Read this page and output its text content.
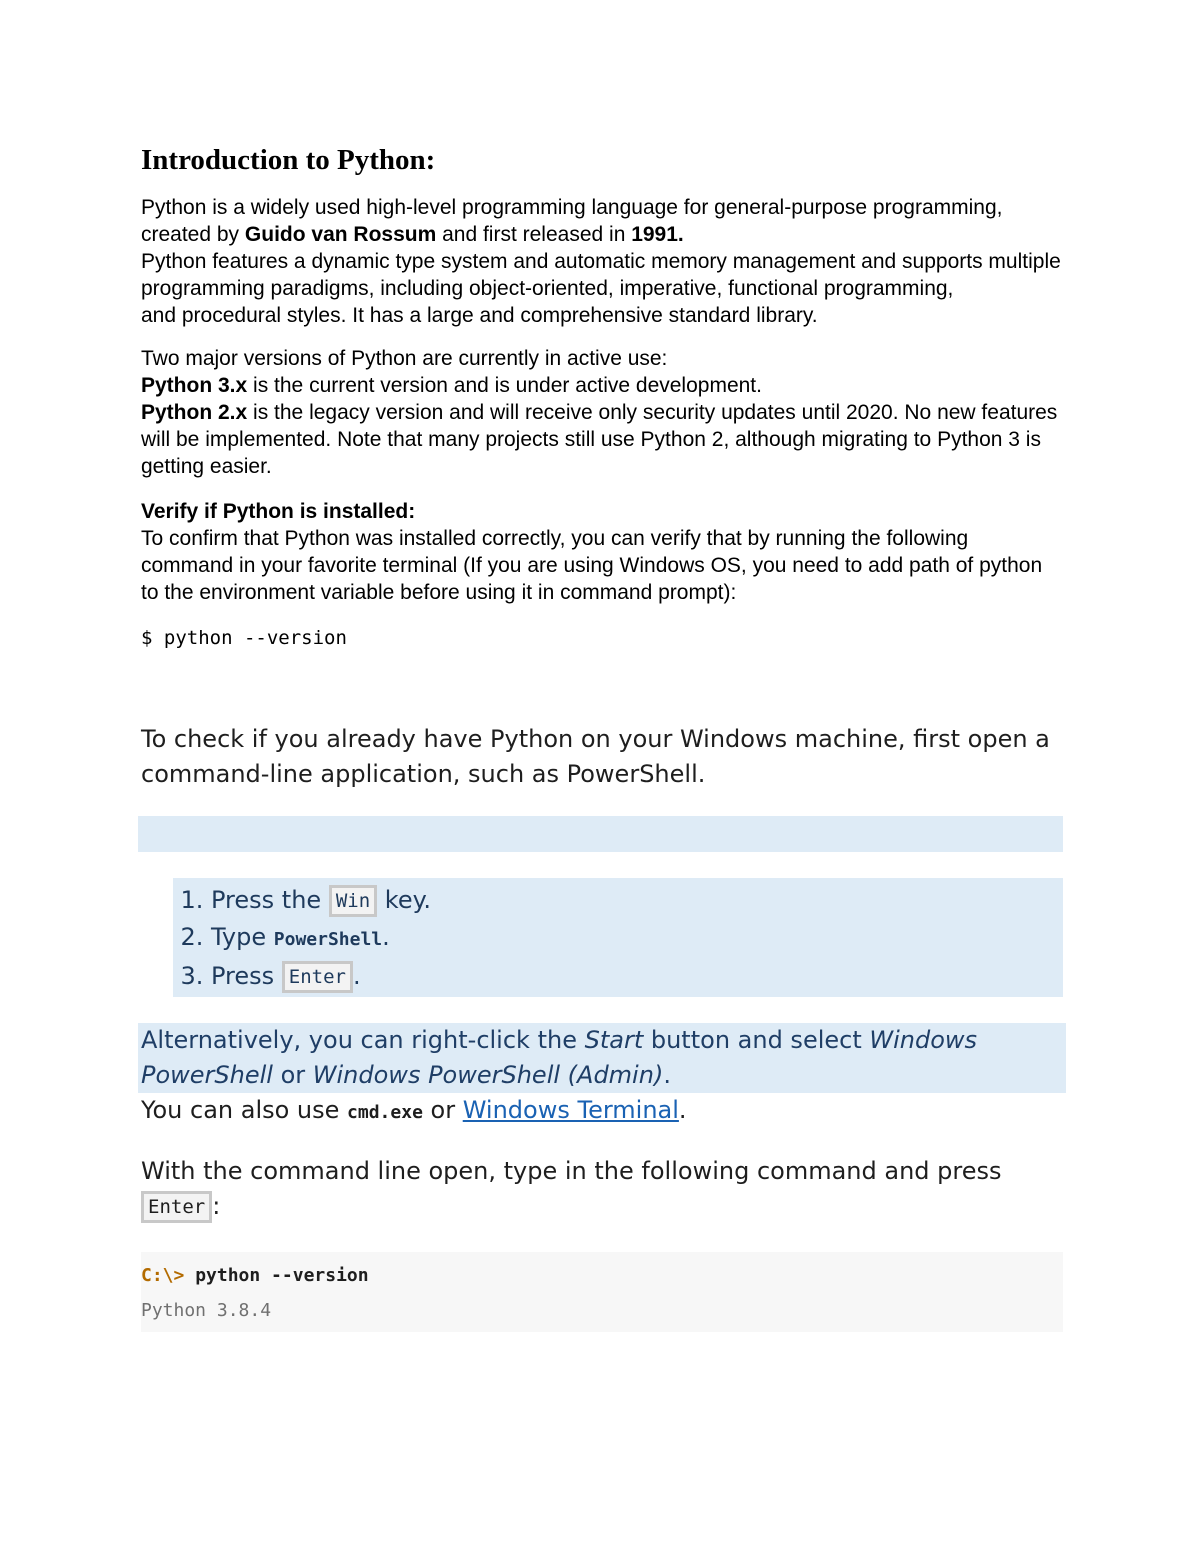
Introduction to Python:

Python is a widely used high-level programming language for general-purpose programming, created by Guido van Rossum and first released in 1991.

Python features a dynamic type system and automatic memory management and supports multiple programming paradigms, including object-oriented, imperative, functional programming,

and procedural styles. It has a large and comprehensive standard library.

Two major versions of Python are currently in active use:

Python 3.x is the current version and is under active development.

Python 2.x is the legacy version and will receive only security updates until 2020. No new features will be implemented. Note that many projects still use Python 2, although migrating to Python 3 is getting easier.

Verify if Python is installed:

To confirm that Python was installed correctly, you can verify that by running the following command in your favorite terminal (If you are using Windows OS, you need to add path of python to the environment variable before using it in command prompt):

$ python --version
To check if you already have Python on your Windows machine, first open a command-line application, such as PowerShell.
1. Press the Win key.
2. Type PowerShell.
3. Press Enter .
Alternatively, you can right-click the Start button and select Windows PowerShell or Windows PowerShell (Admin).
You can also use cmd.exe or Windows Terminal.
With the command line open, type in the following command and press Enter :
C:\> python --version
Python 3.8.4
